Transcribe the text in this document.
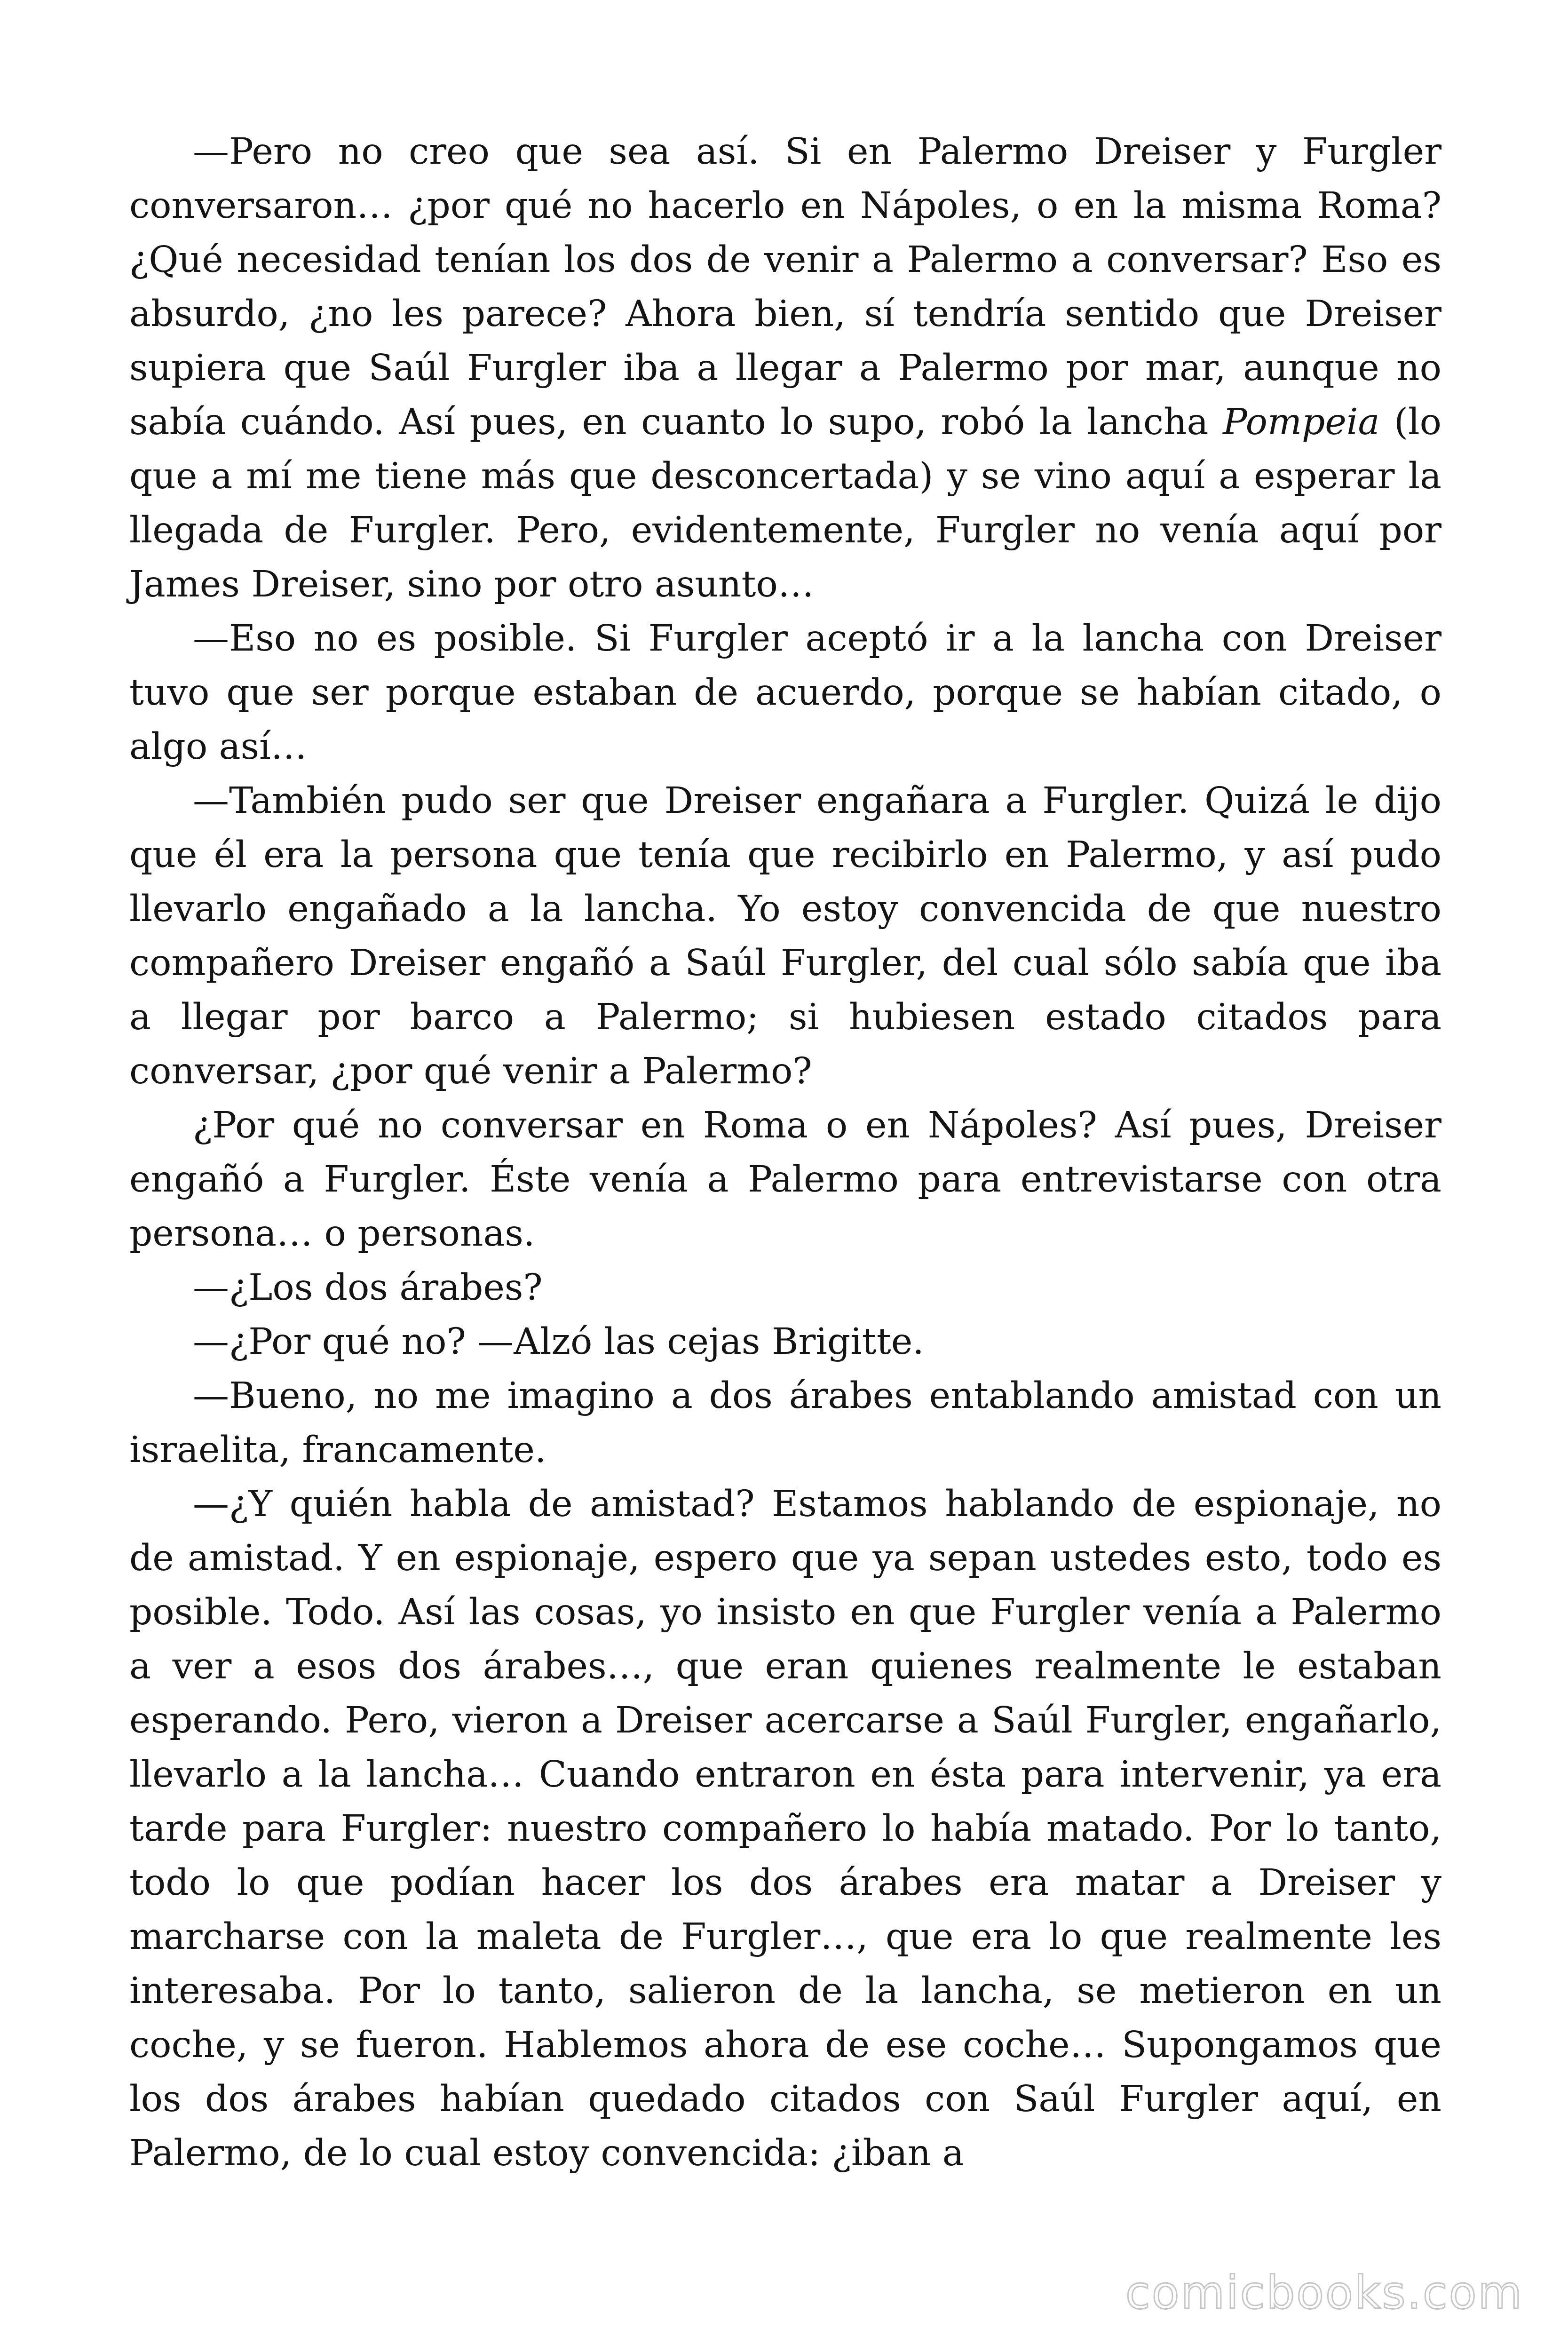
—Pero no creo que sea así. Si en Palermo Dreiser y Furgler conversaron… ¿por qué no hacerlo en Nápoles, o en la misma Roma? ¿Qué necesidad tenían los dos de venir a Palermo a conversar? Eso es absurdo, ¿no les parece? Ahora bien, sí tendría sentido que Dreiser supiera que Saúl Furgler iba a llegar a Palermo por mar, aunque no sabía cuándo. Así pues, en cuanto lo supo, robó la lancha Pompeia (lo que a mí me tiene más que desconcertada) y se vino aquí a esperar la llegada de Furgler. Pero, evidentemente, Furgler no venía aquí por James Dreiser, sino por otro asunto…

—Eso no es posible. Si Furgler aceptó ir a la lancha con Dreiser tuvo que ser porque estaban de acuerdo, porque se habían citado, o algo así…

—También pudo ser que Dreiser engañara a Furgler. Quizá le dijo que él era la persona que tenía que recibirlo en Palermo, y así pudo llevarlo engañado a la lancha. Yo estoy convencida de que nuestro compañero Dreiser engañó a Saúl Furgler, del cual sólo sabía que iba a llegar por barco a Palermo; si hubiesen estado citados para conversar, ¿por qué venir a Palermo?

¿Por qué no conversar en Roma o en Nápoles? Así pues, Dreiser engañó a Furgler. Éste venía a Palermo para entrevistarse con otra persona… o personas.

—¿Los dos árabes?

—¿Por qué no? —Alzó las cejas Brigitte.

—Bueno, no me imagino a dos árabes entablando amistad con un israelita, francamente.

—¿Y quién habla de amistad? Estamos hablando de espionaje, no de amistad. Y en espionaje, espero que ya sepan ustedes esto, todo es posible. Todo. Así las cosas, yo insisto en que Furgler venía a Palermo a ver a esos dos árabes…, que eran quienes realmente le estaban esperando. Pero, vieron a Dreiser acercarse a Saúl Furgler, engañarlo, llevarlo a la lancha… Cuando entraron en ésta para intervenir, ya era tarde para Furgler: nuestro compañero lo había matado. Por lo tanto, todo lo que podían hacer los dos árabes era matar a Dreiser y marcharse con la maleta de Furgler…, que era lo que realmente les interesaba. Por lo tanto, salieron de la lancha, se metieron en un coche, y se fueron. Hablemos ahora de ese coche… Supongamos que los dos árabes habían quedado citados con Saúl Furgler aquí, en Palermo, de lo cual estoy convencida: ¿iban a

comicbooks.com
